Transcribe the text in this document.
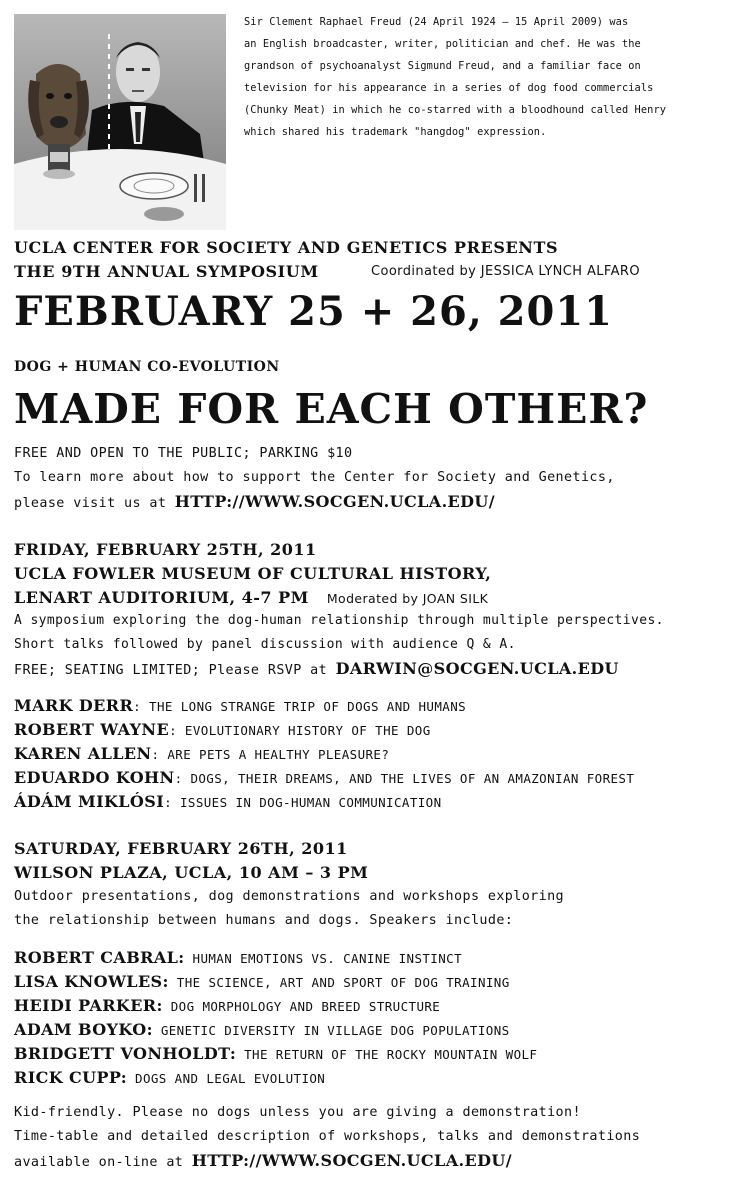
Sir Clement Raphael Freud (24 April 1924 – 15 April 2009) was
an English broadcaster, writer, politician and chef. He was the
grandson of psychoanalyst Sigmund Freud, and a familiar face on
television for his appearance in a series of dog food commercials
(Chunky Meat) in which he co-starred with a bloodhound called Henry
which shared his trademark "hangdog" expression.
UCLA CENTER FOR SOCIETY AND GENETICS PRESENTS
THE 9TH ANNUAL SYMPOSIUM	Coordinated by JESSICA LYNCH ALFARO
FEBRUARY 25 + 26, 2011
DOG + HUMAN CO-EVOLUTION
MADE FOR EACH OTHER?
FREE AND OPEN TO THE PUBLIC; PARKING $10
To learn more about how to support the Center for Society and Genetics,
please visit us at HTTP://WWW.SOCGEN.UCLA.EDU/
FRIDAY, FEBRUARY 25TH, 2011
UCLA FOWLER MUSEUM OF CULTURAL HISTORY,
LENART AUDITORIUM, 4-7 PM Moderated by JOAN SILK
A symposium exploring the dog-human relationship through multiple perspectives.
Short talks followed by panel discussion with audience Q & A.
FREE; SEATING LIMITED; Please RSVP at DARWIN@SOCGEN.UCLA.EDU
MARK DERR: THE LONG STRANGE TRIP OF DOGS AND HUMANS
ROBERT WAYNE: EVOLUTIONARY HISTORY OF THE DOG
KAREN ALLEN: ARE PETS A HEALTHY PLEASURE?
EDUARDO KOHN: DOGS, THEIR DREAMS, AND THE LIVES OF AN AMAZONIAN FOREST
ÁDÁM MIKLÓSI: ISSUES IN DOG-HUMAN COMMUNICATION
SATURDAY, FEBRUARY 26TH, 2011
WILSON PLAZA, UCLA, 10 AM – 3 PM
Outdoor presentations, dog demonstrations and workshops exploring
the relationship between humans and dogs. Speakers include:
ROBERT CABRAL: HUMAN EMOTIONS VS. CANINE INSTINCT
LISA KNOWLES: THE SCIENCE, ART AND SPORT OF DOG TRAINING
HEIDI PARKER: DOG MORPHOLOGY AND BREED STRUCTURE
ADAM BOYKO: GENETIC DIVERSITY IN VILLAGE DOG POPULATIONS
BRIDGETT VONHOLDT: THE RETURN OF THE ROCKY MOUNTAIN WOLF
RICK CUPP: DOGS AND LEGAL EVOLUTION
Kid-friendly. Please no dogs unless you are giving a demonstration!
Time-table and detailed description of workshops, talks and demonstrations
available on-line at HTTP://WWW.SOCGEN.UCLA.EDU/
